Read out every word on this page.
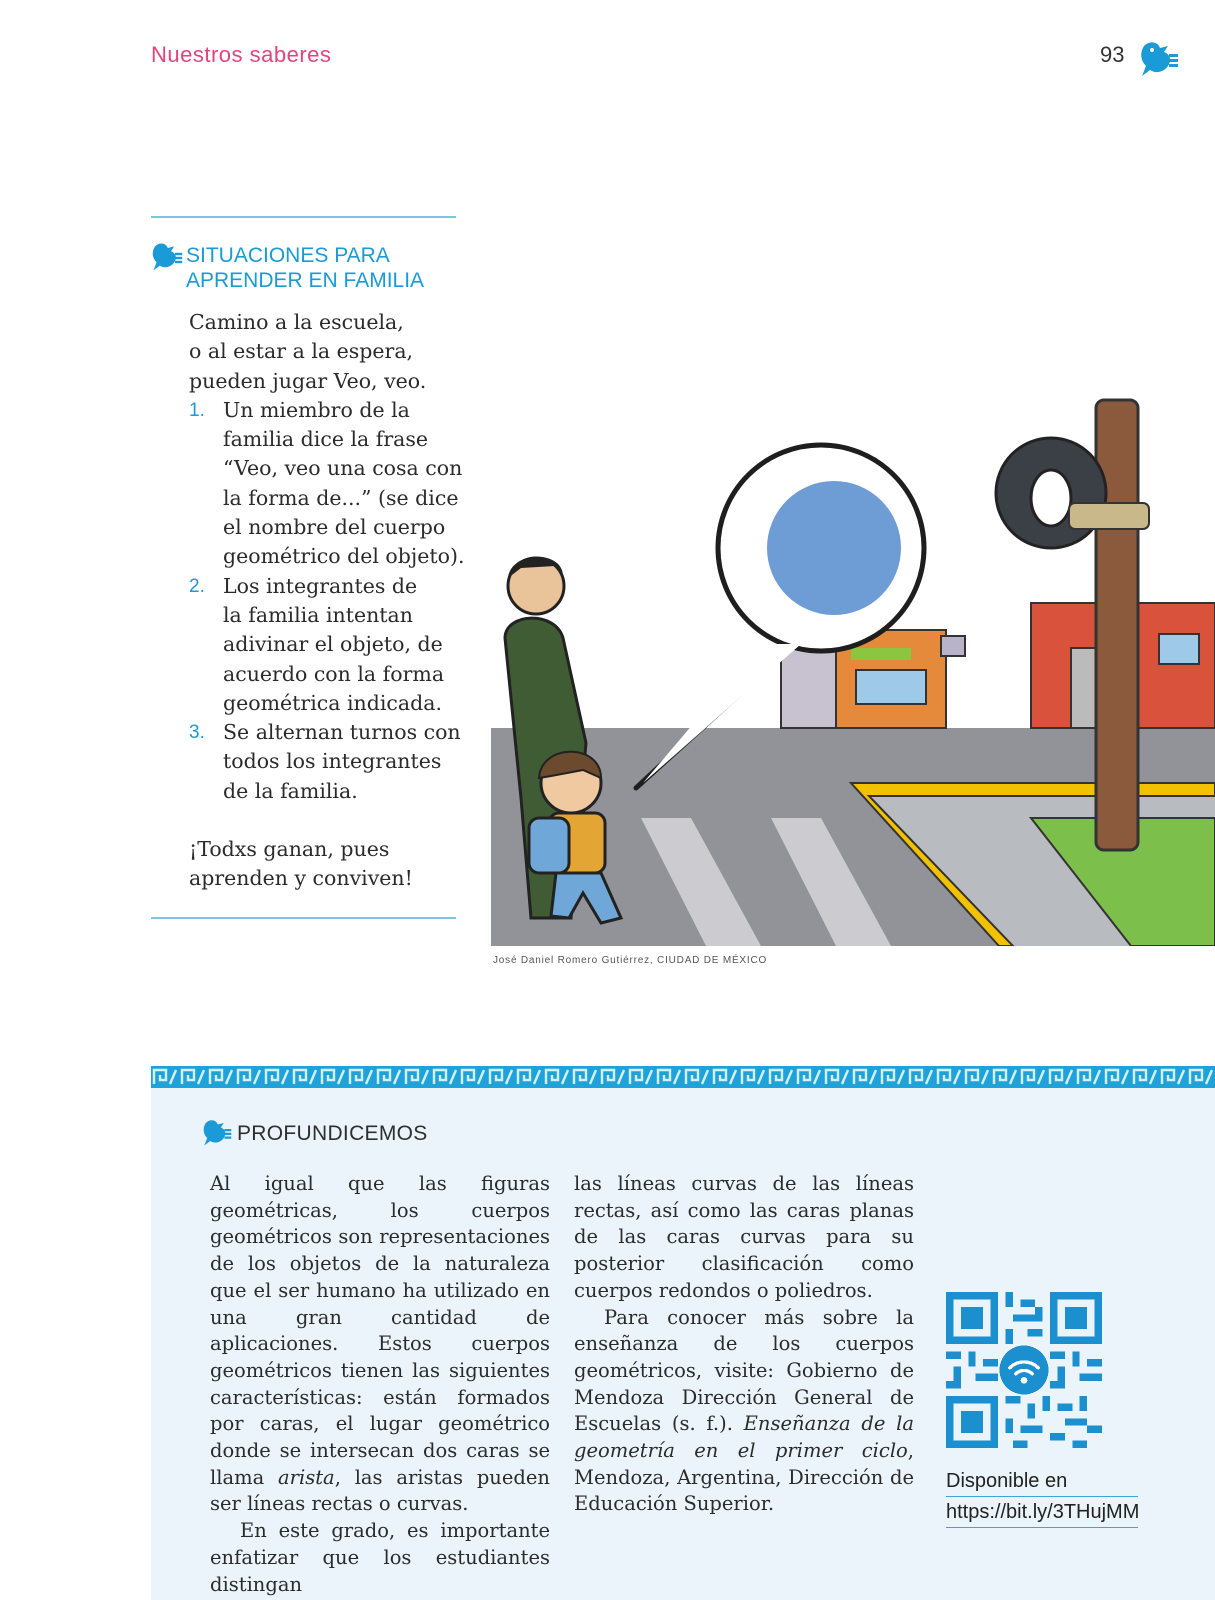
Nuestros saberes	93
SITUACIONES PARA
APRENDER EN FAMILIA

Camino a la escuela,

o al estar a la espera,

pueden jugar Veo, veo.

1. Un miembro de la
familia dice la frase
“Veo, veo una cosa con
la forma de...” (se dice
el nombre del cuerpo
geométrico del objeto).
2. Los integrantes de
la familia intentan
adivinar el objeto, de
acuerdo con la forma
geométrica indicada.
3. Se alternan turnos con
todos los integrantes
de la familia.

¡Todxs ganan, pues

aprenden y conviven!

José Daniel Romero Gutiérrez, CIUDAD DE MÉXICO
PROFUNDICEMOS

Al igual que las figuras geométricas, los cuerpos geométricos son representaciones de los objetos de la naturaleza que el ser humano ha utilizado en una gran cantidad de aplicaciones. Estos cuerpos geométricos tienen las siguientes características: están formados por caras, el lugar geométrico donde se intersecan dos caras se llama arista, las aristas pueden ser líneas rectas o curvas.

En este grado, es importante enfatizar que los estudiantes distingan

las líneas curvas de las líneas rectas, así como las caras planas de las caras curvas para su posterior clasificación como cuerpos redondos o poliedros.

Para conocer más sobre la enseñanza de los cuerpos geométricos, visite: Gobierno de Mendoza Dirección General de Escuelas (s. f.). Enseñanza de la geometría en el primer ciclo, Mendoza, Argentina, Dirección de Educación Superior.

Disponible en
https://bit.ly/3THujMM
